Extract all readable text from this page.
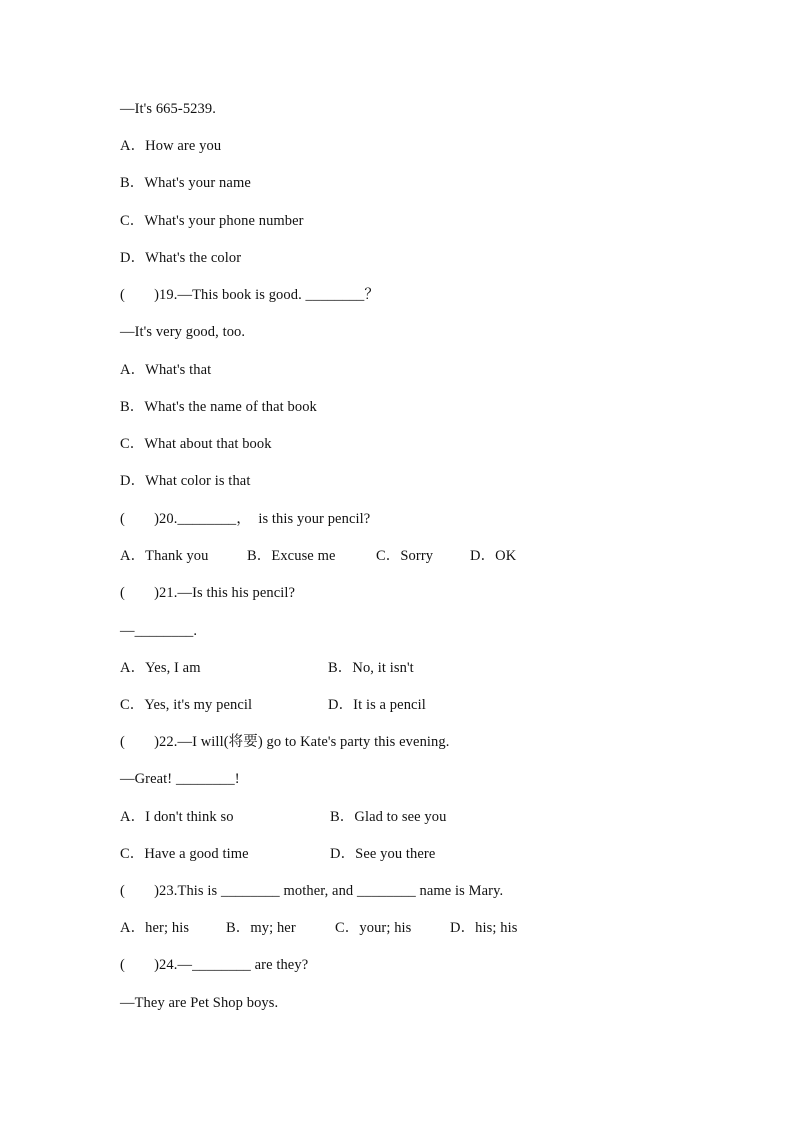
—It's 665-5239.
A．How are you
B．What's your name
C．What's your phone number
D．What's the color
(　　)19.—This book is good. ________？
—It's very good, too.
A．What's that
B．What's the name of that book
C．What about that book
D．What color is that
(　　)20.________，  is this your pencil?

A．Thank you

	B．Excuse me

	C．Sorry

	D．OK

(　　)21.—Is this his pencil?
—________.

A．Yes, I am

	B．No, it isn't

C．Yes, it's my pencil

	D．It is a pencil

(　　)22.—I will(将要) go to Kate's party this evening.
—Great! ________!

A．I don't think so

	B．Glad to see you

C．Have a good time

	D．See you there

(　　)23.This is ________ mother, and ________ name is Mary.

A．her; his

	B．my; her

	C．your; his

	D．his; his

(　　)24.—________ are they?
—They are Pet Shop boys.
